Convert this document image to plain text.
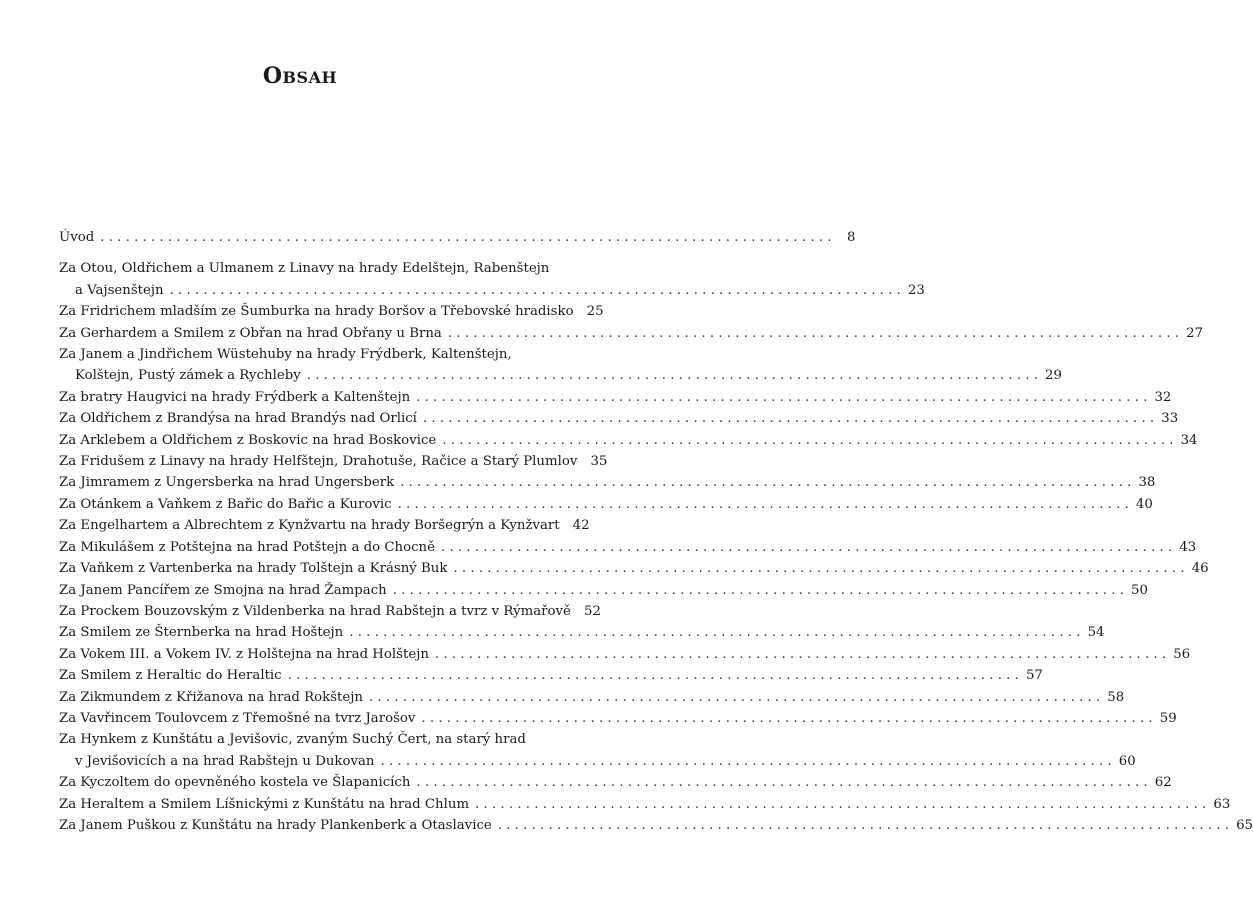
OBSAH
Úvod . . .	8
Za Otou, Oldřichem a Ulmanem z Linavy na hrady Edelštejn, Rabenštejn
a Vajsenštejn . . .	23
Za Fridrichem mladším ze Šumburka na hrady Boršov a Třebovské hradisko 25
Za Gerhardem a Smilem z Obřan na hrad Obřany u Brna . . .	27
Za Janem a Jindřichem Wüstehuby na hrady Frýdberk, Kaltenštejn,
Kolštejn, Pustý zámek a Rychleby . . .	29
Za bratry Haugvici na hrady Frýdberk a Kaltenštejn . . .	32
Za Oldřichem z Brandýsa na hrad Brandýs nad Orlicí . . .	33
Za Arklebem a Oldřichem z Boskovic na hrad Boskovice . . .	34
Za Fridušem z Linavy na hrady Helfštejn, Drahotuše, Račice a Starý Plumlov 35
Za Jimramem z Ungersberka na hrad Ungersberk . . .	38
Za Otánkem a Vaňkem z Bařic do Bařic a Kurovic . . .	40
Za Engelhartem a Albrechtem z Kynžvartu na hrady Boršegrýn a Kynžvart 42
Za Mikulášem z Potštejna na hrad Potštejn a do Chocně . . .	43
Za Vaňkem z Vartenberka na hrady Tolštejn a Krásný Buk . . .	46
Za Janem Pancířem ze Smojna na hrad Žampach . . .	50
Za Prockem Bouzovským z Vildenberka na hrad Rabštejn a tvrz v Rýmařově 52
Za Smilem ze Šternberka na hrad Hoštejn . . .	54
Za Vokem III. a Vokem IV. z Holštejna na hrad Holštejn . . .	56
Za Smilem z Heraltic do Heraltic . . .	57
Za Zikmundem z Křižanova na hrad Rokštejn . . .	58
Za Vavřincem Toulovcem z Třemošné na tvrz Jarošov . . .	59
Za Hynkem z Kunštátu a Jevišovic, zvaným Suchý Čert, na starý hrad
v Jevišovicích a na hrad Rabštejn u Dukovan . . .	60
Za Kyczoltem do opevněného kostela ve Šlapanicích . . .	62
Za Heraltem a Smilem Líšnickými z Kunštátu na hrad Chlum . . .	63
Za Janem Puškou z Kunštátu na hrady Plankenberk a Otaslavice . . .	65
